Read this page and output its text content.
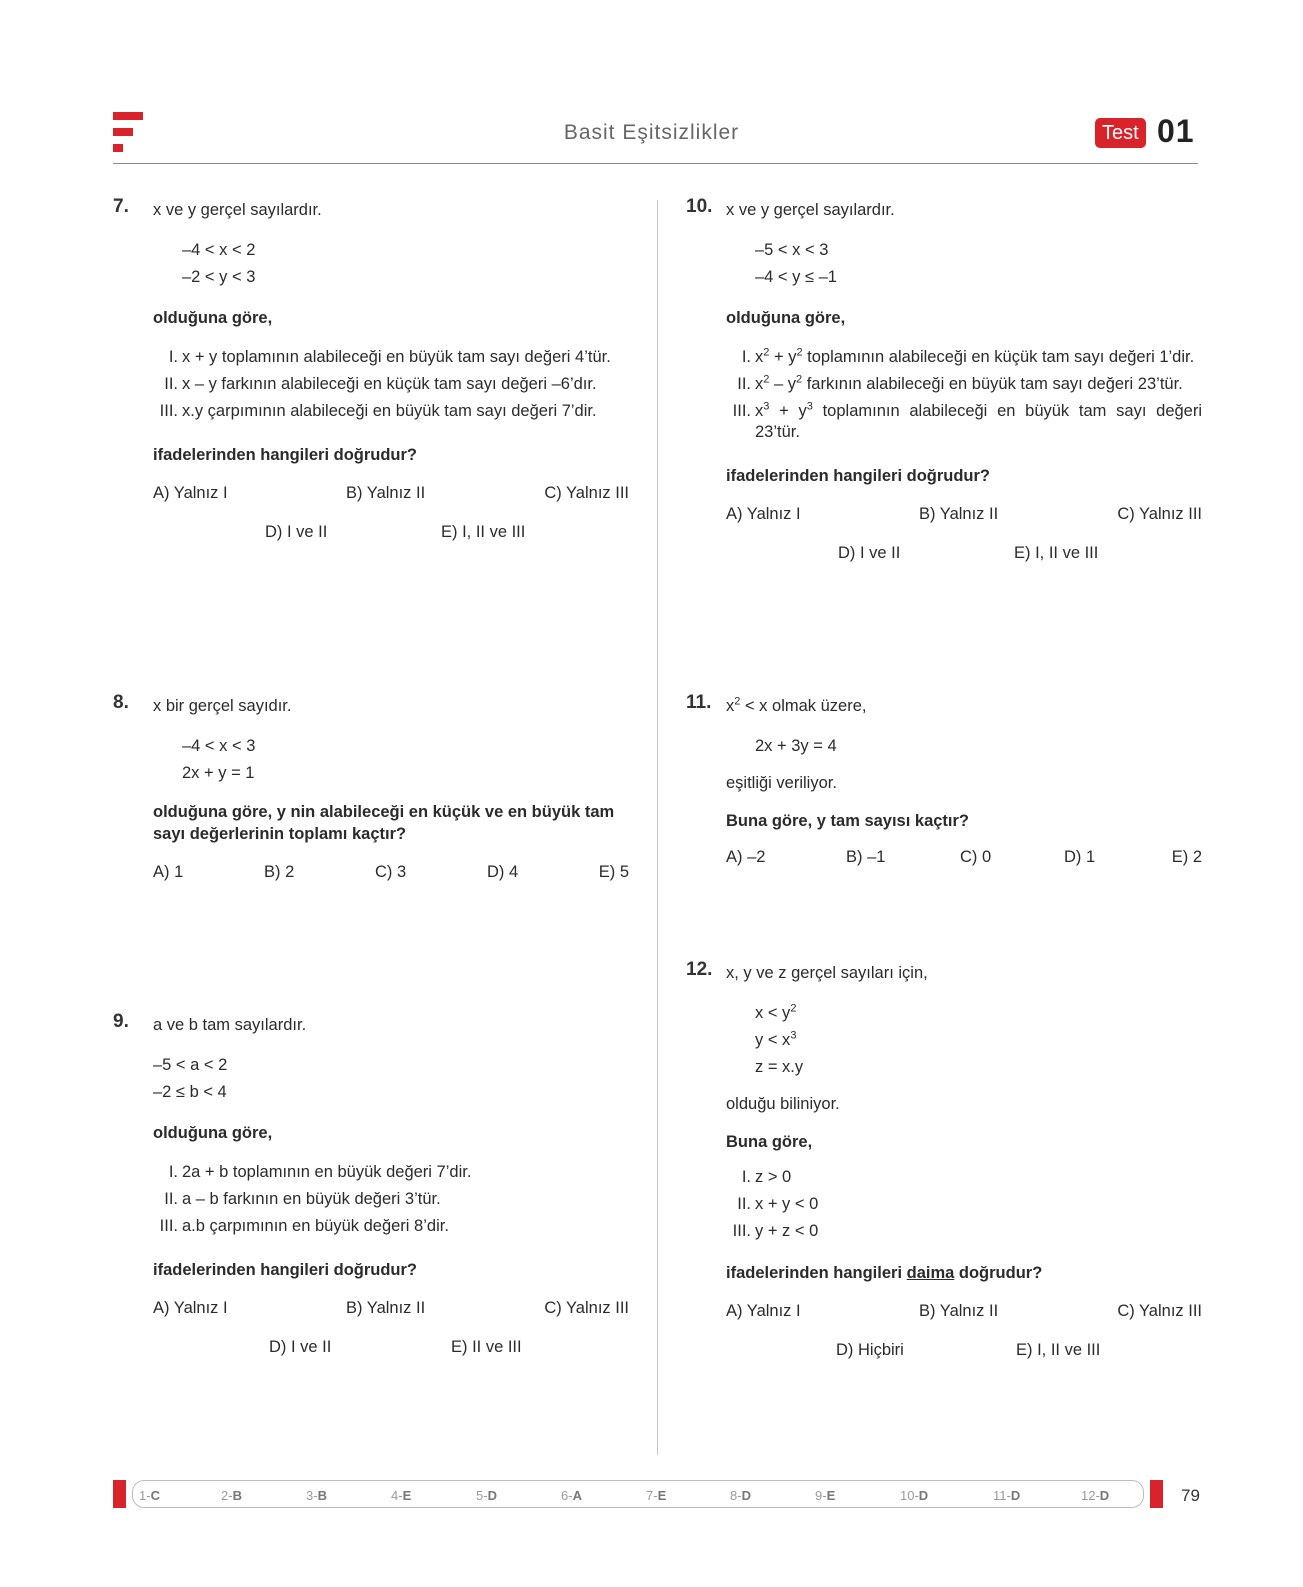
Basit Eşitsizlikler	Test 01
7. x ve y gerçel sayılardır.

–4 < x < 2
–2 < y < 3

olduğuna göre,

I. x + y toplamının alabileceği en büyük tam sayı değeri 4’tür.
II. x – y farkının alabileceği en küçük tam sayı değeri –6’dır.
III. x.y çarpımının alabileceği en büyük tam sayı değeri 7’dir.

ifadelerinden hangileri doğrudur?

A) Yalnız I	B) Yalnız II	C) Yalnız III
D) I ve II	E) I, II ve III
8. x bir gerçel sayıdır.

–4 < x < 3
2x + y = 1

olduğuna göre, y nin alabileceği en küçük ve en büyük tam sayı değerlerinin toplamı kaçtır?

A) 1	B) 2	C) 3	D) 4	E) 5
9. a ve b tam sayılardır.

–5 < a < 2
–2 ≤ b < 4

olduğuna göre,

I. 2a + b toplamının en büyük değeri 7’dir.
II. a – b farkının en büyük değeri 3’tür.
III. a.b çarpımının en büyük değeri 8’dir.

ifadelerinden hangileri doğrudur?

A) Yalnız I	B) Yalnız II	C) Yalnız III
D) I ve II	E) II ve III
10. x ve y gerçel sayılardır.

–5 < x < 3
–4 < y ≤ –1

olduğuna göre,

I. $x^2 + y^2$ toplamının alabileceği en küçük tam sayı değeri 1’dir.
II. $x^2 - y^2$ farkının alabileceği en büyük tam sayı değeri 23’tür.
III. $x^3 + y^3$ toplamının alabileceği en büyük tam sayı değeri 23’tür.

ifadelerinden hangileri doğrudur?

A) Yalnız I	B) Yalnız II	C) Yalnız III
D) I ve II	E) I, II ve III
11. $x^2 < x$ olmak üzere,

2x + 3y = 4

eşitliği veriliyor.

Buna göre, y tam sayısı kaçtır?

A) –2	B) –1	C) 0	D) 1	E) 2
12. x, y ve z gerçel sayıları için,

$x < y^2$
$y < x^3$
z = x.y

olduğu biliniyor.

Buna göre,

I. z > 0
II. x + y < 0
III. y + z < 0

ifadelerinden hangileri daima doğrudur?

A) Yalnız I	B) Yalnız II	C) Yalnız III
D) Hiçbiri	E) I, II ve III
1-C	2-B	3-B	4-E	5-D	6-A	7-E	8-D	9-E	10-D	11-D	12-D	79
